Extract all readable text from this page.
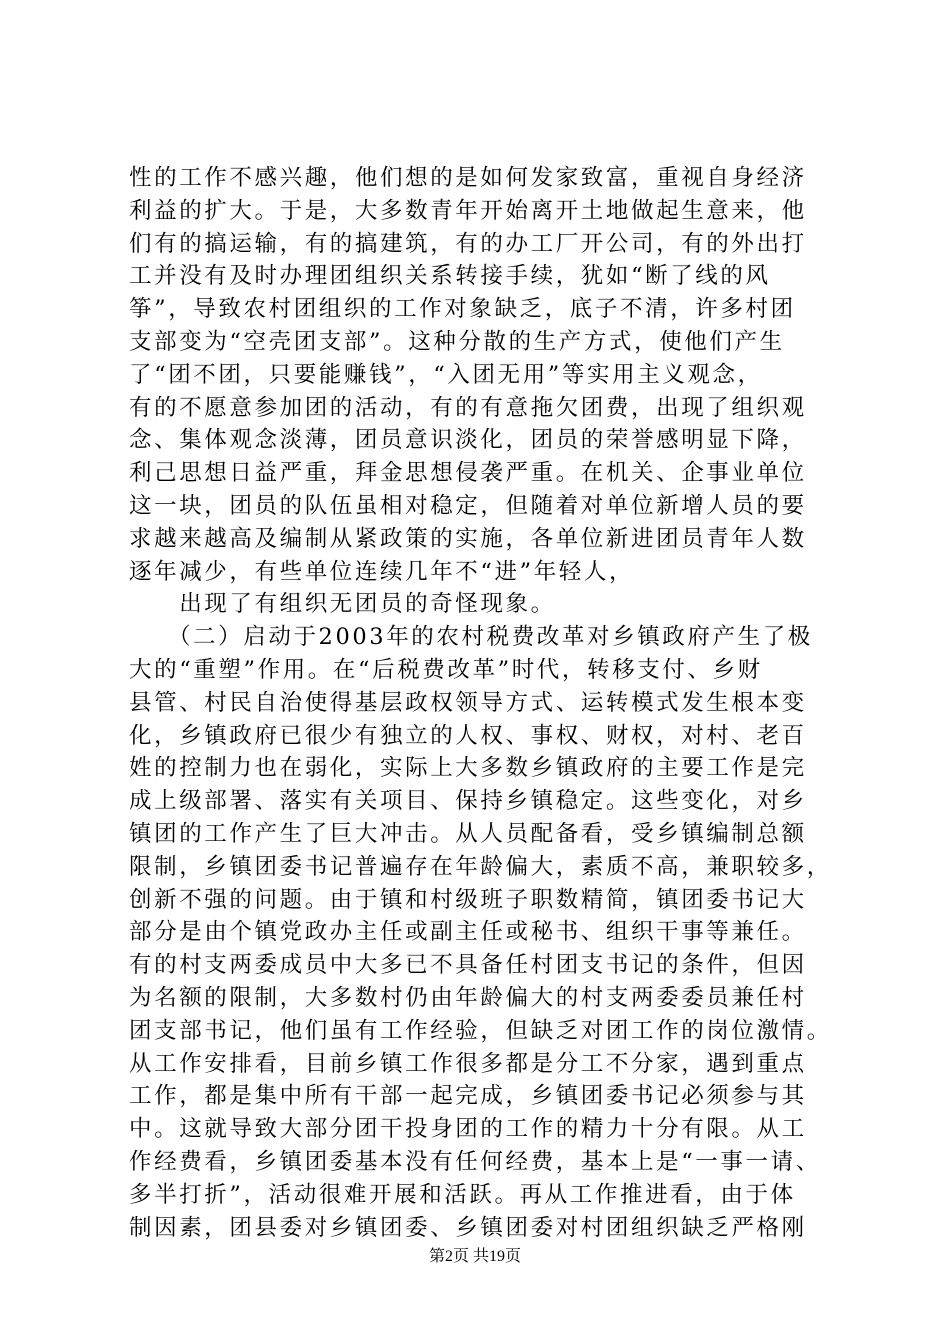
性的工作不感兴趣，他们想的是如何发家致富，重视自身经济
利益的扩大。于是，大多数青年开始离开土地做起生意来，他
们有的搞运输，有的搞建筑，有的办工厂开公司，有的外出打
工并没有及时办理团组织关系转接手续，犹如“断了线的风
筝”，导致农村团组织的工作对象缺乏，底子不清，许多村团
支部变为“空壳团支部”。这种分散的生产方式，使他们产生
了“团不团，只要能赚钱”，“入团无用”等实用主义观念，
有的不愿意参加团的活动，有的有意拖欠团费，出现了组织观
念、集体观念淡薄，团员意识淡化，团员的荣誉感明显下降，
利己思想日益严重，拜金思想侵袭严重。在机关、企事业单位
这一块，团员的队伍虽相对稳定，但随着对单位新增人员的要
求越来越高及编制从紧政策的实施，各单位新进团员青年人数
逐年减少，有些单位连续几年不“进”年轻人，
　　出现了有组织无团员的奇怪现象。
　　（二）启动于2003年的农村税费改革对乡镇政府产生了极
大的“重塑”作用。在“后税费改革”时代，转移支付、乡财
县管、村民自治使得基层政权领导方式、运转模式发生根本变
化，乡镇政府已很少有独立的人权、事权、财权，对村、老百
姓的控制力也在弱化，实际上大多数乡镇政府的主要工作是完
成上级部署、落实有关项目、保持乡镇稳定。这些变化，对乡
镇团的工作产生了巨大冲击。从人员配备看，受乡镇编制总额
限制，乡镇团委书记普遍存在年龄偏大，素质不高，兼职较多，
创新不强的问题。由于镇和村级班子职数精简，镇团委书记大
部分是由个镇党政办主任或副主任或秘书、组织干事等兼任。
有的村支两委成员中大多已不具备任村团支书记的条件，但因
为名额的限制，大多数村仍由年龄偏大的村支两委委员兼任村
团支部书记，他们虽有工作经验，但缺乏对团工作的岗位激情。
从工作安排看，目前乡镇工作很多都是分工不分家，遇到重点
工作，都是集中所有干部一起完成，乡镇团委书记必须参与其
中。这就导致大部分团干投身团的工作的精力十分有限。从工
作经费看，乡镇团委基本没有任何经费，基本上是“一事一请、
多半打折”，活动很难开展和活跃。再从工作推进看，由于体
制因素，团县委对乡镇团委、乡镇团委对村团组织缺乏严格刚
第2页 共19页
